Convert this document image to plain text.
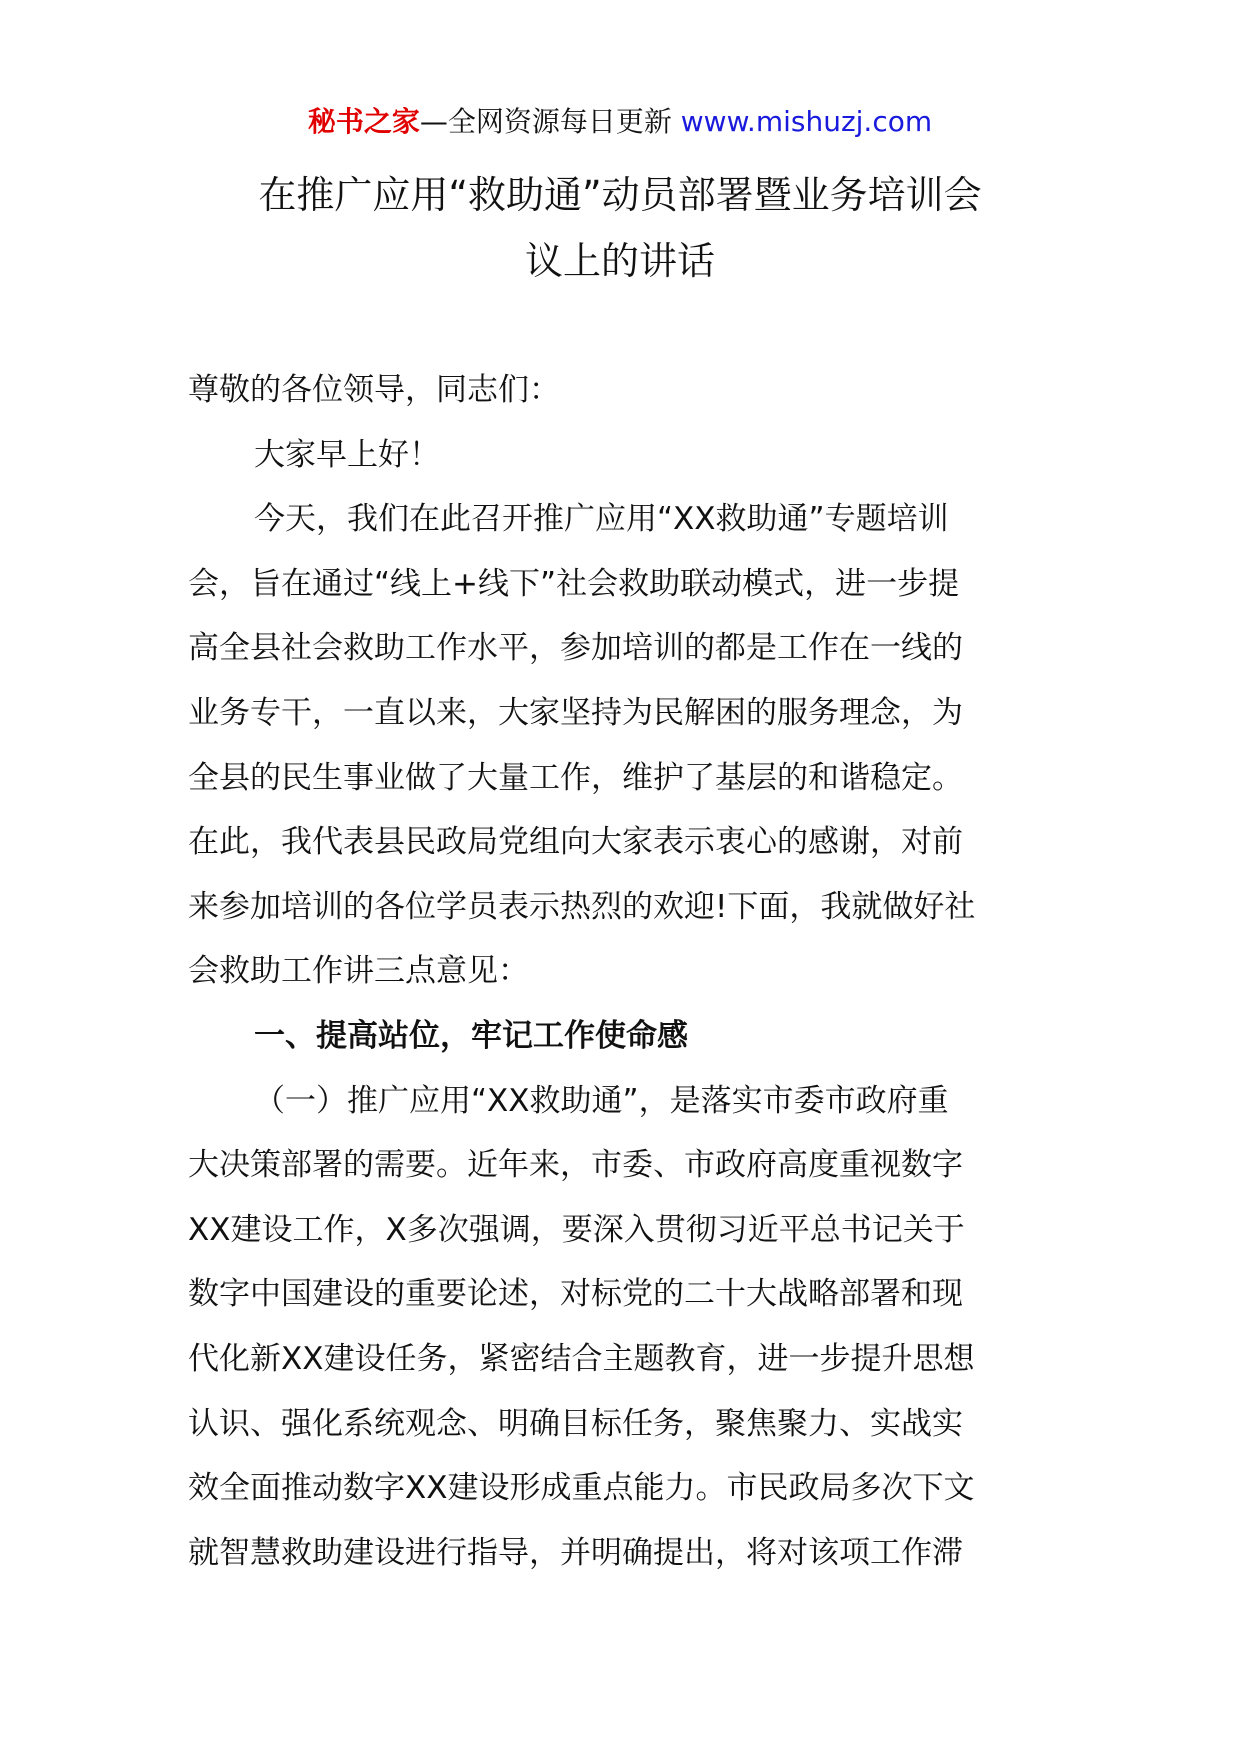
秘书之家—全网资源每日更新 www.mishuzj.com
在推广应用“救助通”动员部署暨业务培训会
议上的讲话
尊敬的各位领导，同志们：
大家早上好！
今天，我们在此召开推广应用“XX救助通”专题培训
会，旨在通过“线上+线下”社会救助联动模式，进一步提
高全县社会救助工作水平，参加培训的都是工作在一线的
业务专干，一直以来，大家坚持为民解困的服务理念，为
全县的民生事业做了大量工作，维护了基层的和谐稳定。
在此，我代表县民政局党组向大家表示衷心的感谢，对前
来参加培训的各位学员表示热烈的欢迎!下面，我就做好社
会救助工作讲三点意见：
一、提高站位，牢记工作使命感
（一）推广应用“XX救助通”，是落实市委市政府重
大决策部署的需要。近年来，市委、市政府高度重视数字
XX建设工作，X多次强调，要深入贯彻习近平总书记关于
数字中国建设的重要论述，对标党的二十大战略部署和现
代化新XX建设任务，紧密结合主题教育，进一步提升思想
认识、强化系统观念、明确目标任务，聚焦聚力、实战实
效全面推动数字XX建设形成重点能力。市民政局多次下文
就智慧救助建设进行指导，并明确提出，将对该项工作滞
